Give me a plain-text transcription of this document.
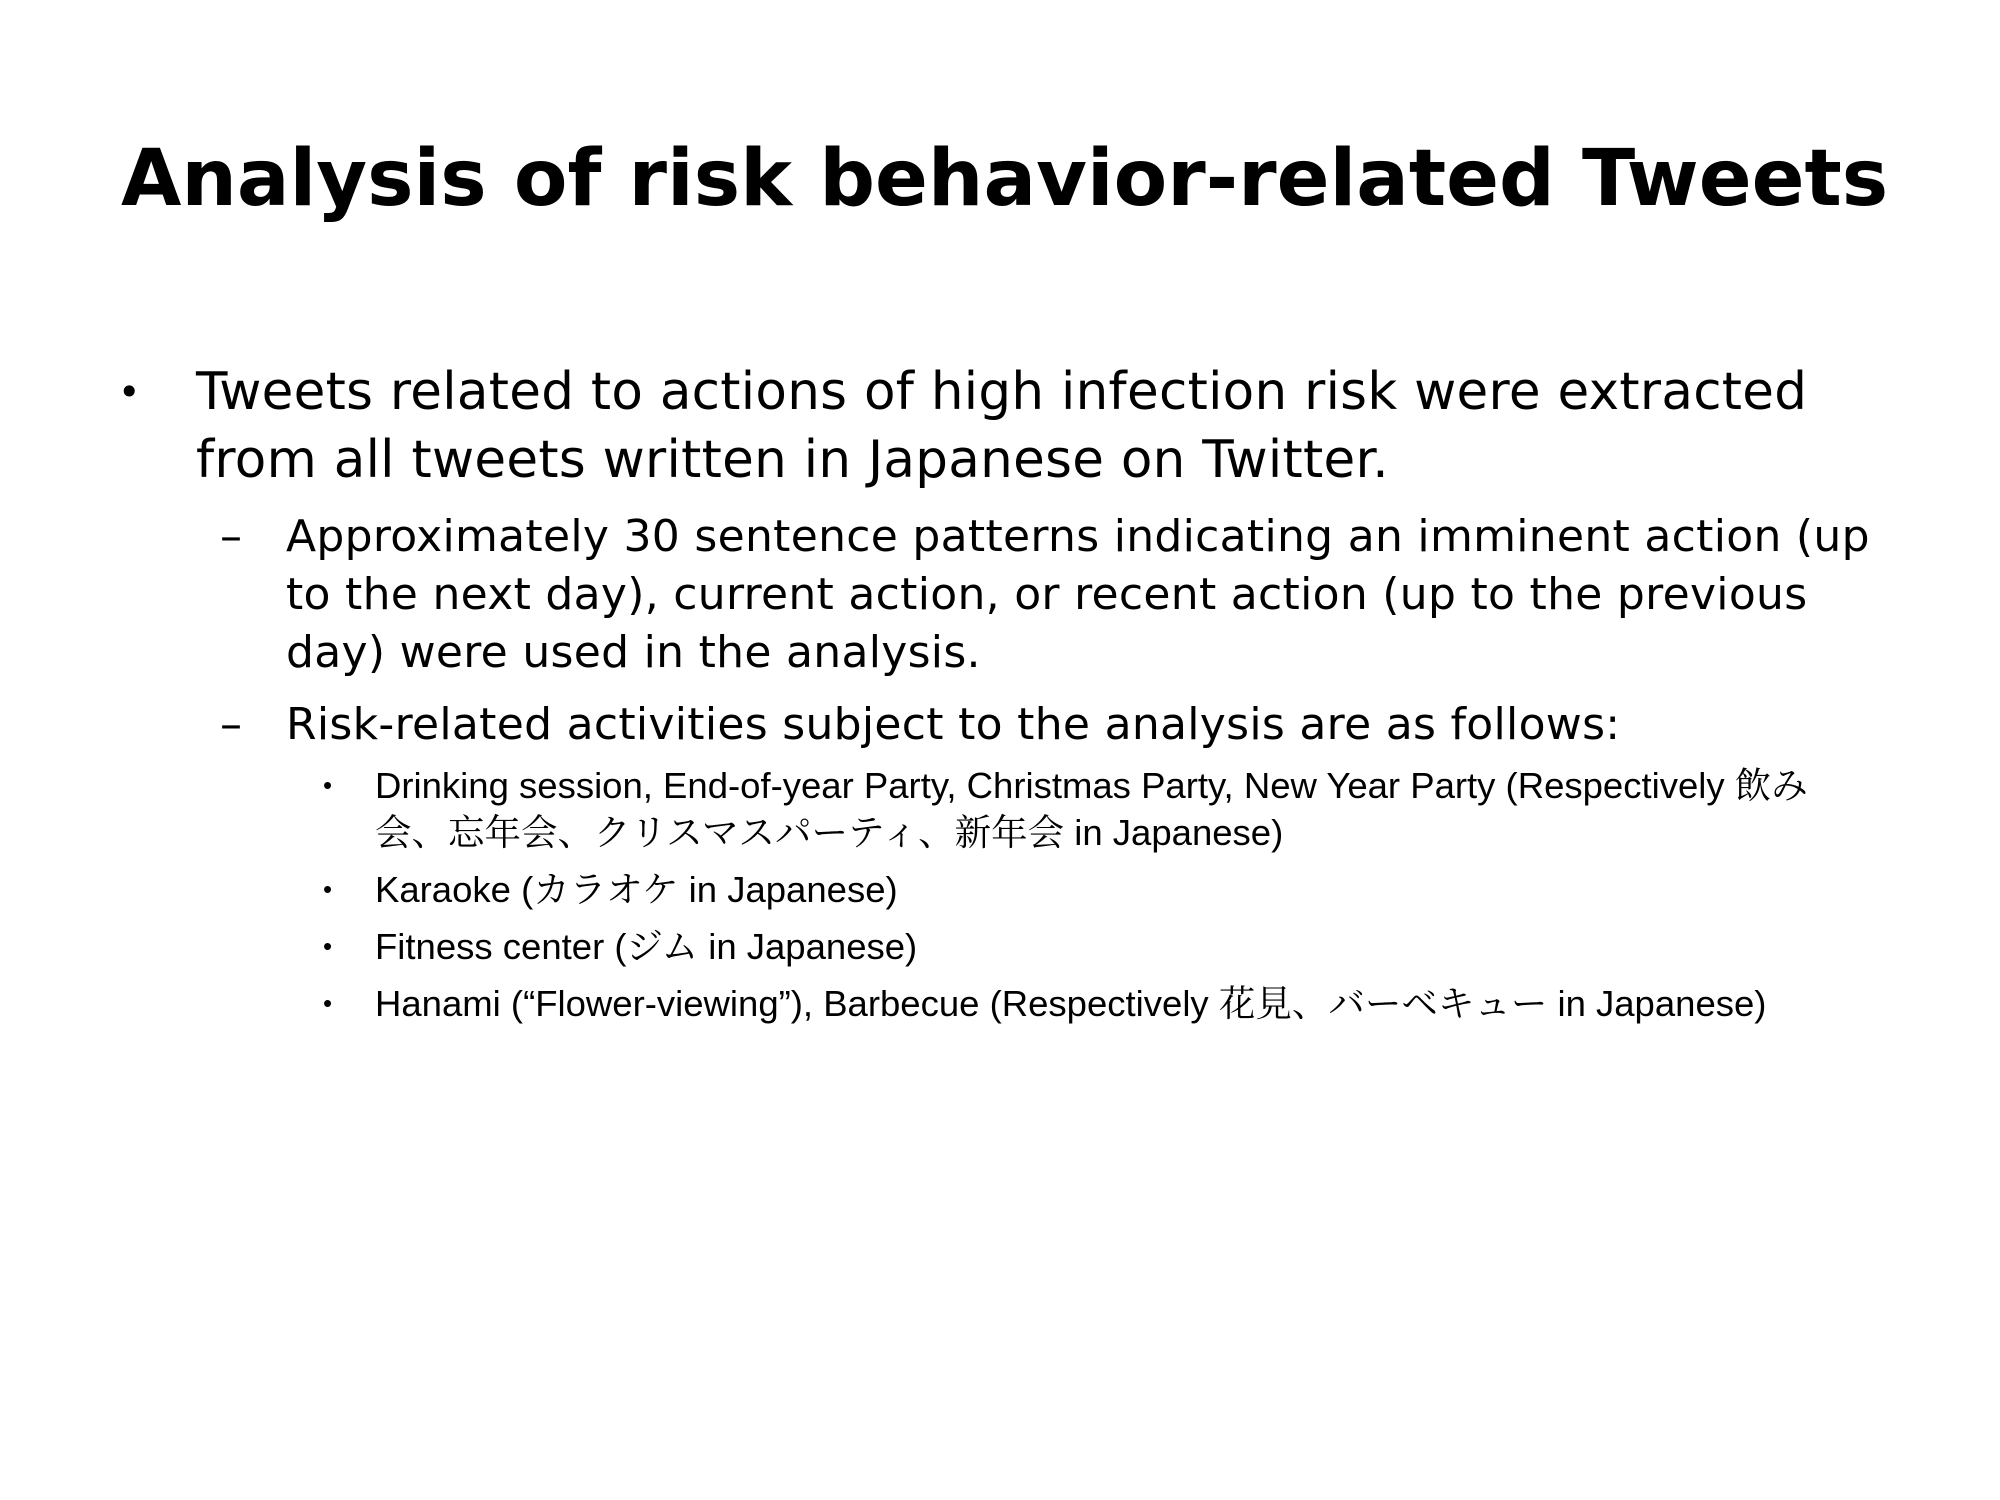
Analysis of risk behavior-related Tweets
• Tweets related to actions of high infection risk were extracted from all tweets written in Japanese on Twitter.
– Approximately 30 sentence patterns indicating an imminent action (up to the next day), current action, or recent action (up to the previous day) were used in the analysis.
– Risk-related activities subject to the analysis are as follows:
• Drinking session, End-of-year Party, Christmas Party, New Year Party (Respectively 飲み会、忘年会、クリスマスパーティ、新年会 in Japanese)
• Karaoke (カラオケ in Japanese)
• Fitness center (ジム in Japanese)
• Hanami (“Flower-viewing”), Barbecue (Respectively 花見、バーベキュー in Japanese)
